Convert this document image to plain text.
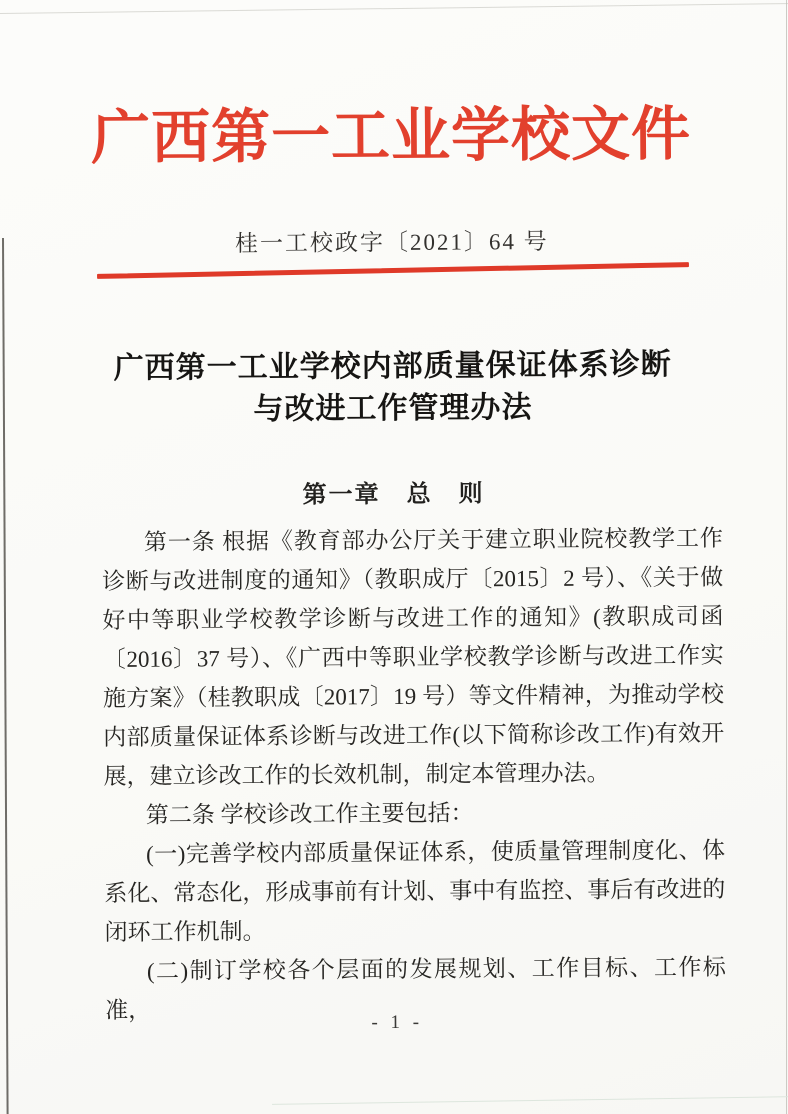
广西第一工业学校文件
桂一工校政字〔2021〕64 号
广西第一工业学校内部质量保证体系诊断
与改进工作管理办法
第一章　总　则

第一条 根据《教育部办公厅关于建立职业院校教学工作诊断与改进制度的通知》（教职成厅〔2015〕2 号）、《关于做好中等职业学校教学诊断与改进工作的通知》(教职成司函〔2016〕37 号）、《广西中等职业学校教学诊断与改进工作实施方案》（桂教职成〔2017〕19 号）等文件精神，为推动学校内部质量保证体系诊断与改进工作(以下简称诊改工作)有效开展，建立诊改工作的长效机制，制定本管理办法。

第二条 学校诊改工作主要包括：

(一)完善学校内部质量保证体系，使质量管理制度化、体系化、常态化，形成事前有计划、事中有监控、事后有改进的闭环工作机制。

(二)制订学校各个层面的发展规划、工作目标、工作标准，	- 1 -
